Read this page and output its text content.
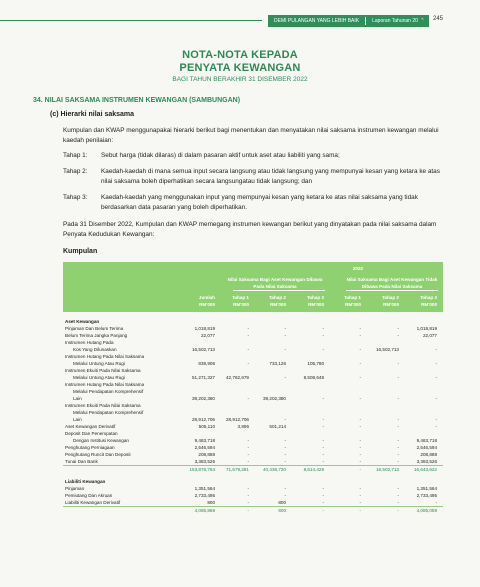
DEMI PULANGAN YANG LEBIH BAIK	Laporan Tahunan 2022 245
NOTA-NOTA KEPADA
PENYATA KEWANGAN
BAGI TAHUN BERAKHIR 31 DISEMBER 2022
34. NILAI SAKSAMA INSTRUMEN KEWANGAN (SAMBUNGAN)
(c) Hierarki nilai saksama
Kumpulan dan KWAP menggunapakai hierarki berikut bagi menentukan dan menyatakan nilai saksama instrumen kewangan melalui kaedah penilaian:
Tahap 1:	Sebut harga (tidak dilaras) di dalam pasaran aktif untuk aset atau liabiliti yang sama;
Tahap 2:	Kaedah-kaedah di mana semua input secara langsung atau tidak langsung yang mempunyai kesan yang ketara ke atas nilai saksama boleh diperhatikan secara langsungatau tidak langsung; dan
Tahap 3:	Kaedah-kaedah yang menggunakan input yang mempunyai kesan yang ketara ke atas nilai saksama yang tidak berdasarkan data pasaran yang boleh diperhatikan.
Pada 31 Disember 2022, Kumpulan dan KWAP memegang instrumen kewangan berikut yang dinyatakan pada nilai saksama dalam Penyata Kedudukan Kewangan:
Kumpulan
2022
Nilai Saksama Bagi Aset Kewangan Dibawa Pada Nilai Saksama
Nilai Saksama Bagi Aset Kewangan Tidak Dibawa Pada Nilai Saksama
Jumlah
RM'000
Tahap 1
RM'000
Tahap 2
RM'000
Tahap 3
RM'000
Tahap 1
RM'000
Tahap 2
RM'000
Tahap 3
RM'000
Aset Kewangan
Pinjaman Dan Belum Terima	1,018,819	-	-	-	-	-	1,018,819
Belum Terima Jangka Panjang	22,077	-	-	-	-	-	22,077
Instrumen Hutang Pada
Kos Yang Dilunaskan	16,502,713	-	-	-	-	16,502,713	-
Instrumen Hutang Pada Nilai Saksama
Melalui Untung Atau Rugi	838,906	-	733,126	105,780	-	-	-
Instrumen Ekuiti Pada Nilai Saksama
Melalui Untung Atau Rugi	51,271,327	42,762,679	-	8,508,648	-	-	-
Instrumen Hutang Pada Nilai Saksama
Melalui Pendapatan Komprehensif
Lain	39,202,380	-	39,202,380	-	-	-	-
Instrumen Ekuiti Pada Nilai Saksama
Melalui Pendapatan Komprehensif
Lain	28,912,706	28,912,706	-	-	-	-	-
Aset Kewangan Derivatif	505,110	3,896	501,214	-	-	-	-
Deposit Dan Penempatan
Dengan Institusi Kewangan	9,463,718	-	-	-	-	-	9,463,718
Penghutang Perniagaan	2,546,594	-	-	-	-	-	2,546,594
Penghutang Runcit Dan Deposit	208,888	-	-	-	-	-	208,888
Tunai Dan Bank	3,383,526	-	-	-	-	-	3,383,526
153,876,764	71,679,281	40,436,720	8,614,428	-	16,502,713	16,643,622
Liabiliti Kewangan
Pinjaman	1,351,564	-	-	-	-	-	1,351,564
Pemiutang Dan Akruan	2,733,495	-	-	-	-	-	2,733,495
Liabiliti Kewangan Derivatif	800	-	800	-	-	-	-
4,085,859	-	800	-	-	-	4,085,059
